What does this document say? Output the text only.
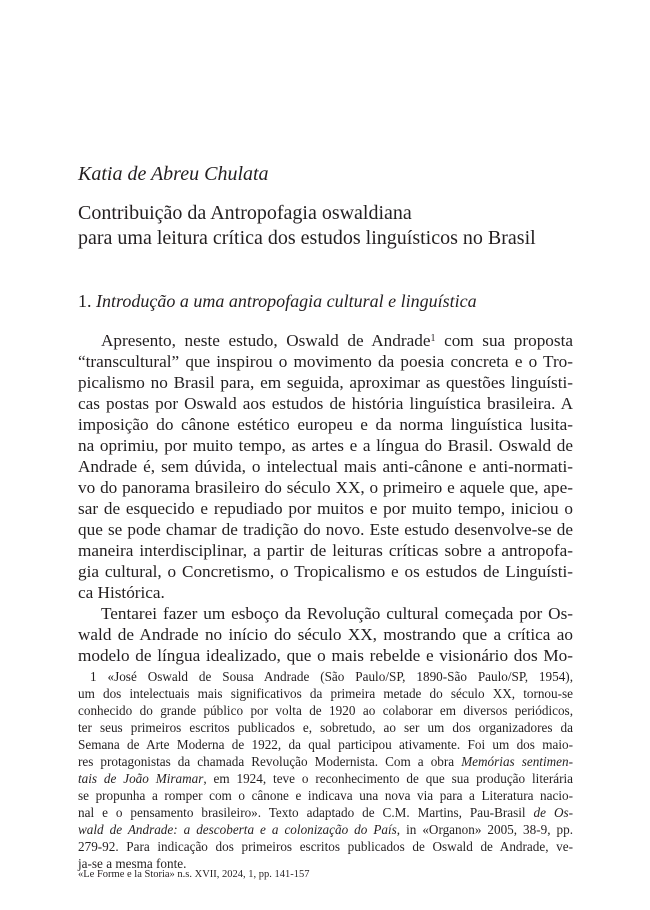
Katia de Abreu Chulata
Contribuição da Antropofagia oswaldiana
para uma leitura crítica dos estudos linguísticos no Brasil
1. Introdução a uma antropofagia cultural e linguística
Apresento, neste estudo, Oswald de Andrade$^1$ com sua proposta
“transcultural” que inspirou o movimento da poesia concreta e o Tro-
picalismo no Brasil para, em seguida, aproximar as questões linguísti-
cas postas por Oswald aos estudos de história linguística brasileira. A
imposição do cânone estético europeu e da norma linguística lusita-
na oprimiu, por muito tempo, as artes e a língua do Brasil. Oswald de
Andrade é, sem dúvida, o intelectual mais anti-cânone e anti-normati-
vo do panorama brasileiro do século XX, o primeiro e aquele que, ape-
sar de esquecido e repudiado por muitos e por muito tempo, iniciou o
que se pode chamar de tradição do novo. Este estudo desenvolve-se de
maneira interdisciplinar, a partir de leituras críticas sobre a antropofa-
gia cultural, o Concretismo, o Tropicalismo e os estudos de Linguísti-
ca Histórica.
Tentarei fazer um esboço da Revolução cultural começada por Os-
wald de Andrade no início do século XX, mostrando que a crítica ao
modelo de língua idealizado, que o mais rebelde e visionário dos Mo-
1 «José Oswald de Sousa Andrade (São Paulo/SP, 1890-São Paulo/SP, 1954),
um dos intelectuais mais significativos da primeira metade do século XX, tornou-se
conhecido do grande público por volta de 1920 ao colaborar em diversos periódicos,
ter seus primeiros escritos publicados e, sobretudo, ao ser um dos organizadores da
Semana de Arte Moderna de 1922, da qual participou ativamente. Foi um dos maio-
res protagonistas da chamada Revolução Modernista. Com a obra Memórias sentimen-
tais de João Miramar, em 1924, teve o reconhecimento de que sua produção literária
se propunha a romper com o cânone e indicava una nova via para a Literatura nacio-
nal e o pensamento brasileiro». Texto adaptado de C.M. Martins, Pau-Brasil de Os-
wald de Andrade: a descoberta e a colonização do País, in «Organon» 2005, 38-9, pp.
279-92. Para indicação dos primeiros escritos publicados de Oswald de Andrade, ve-
ja-se a mesma fonte.
«Le Forme e la Storia» n.s. XVII, 2024, 1, pp. 141-157
